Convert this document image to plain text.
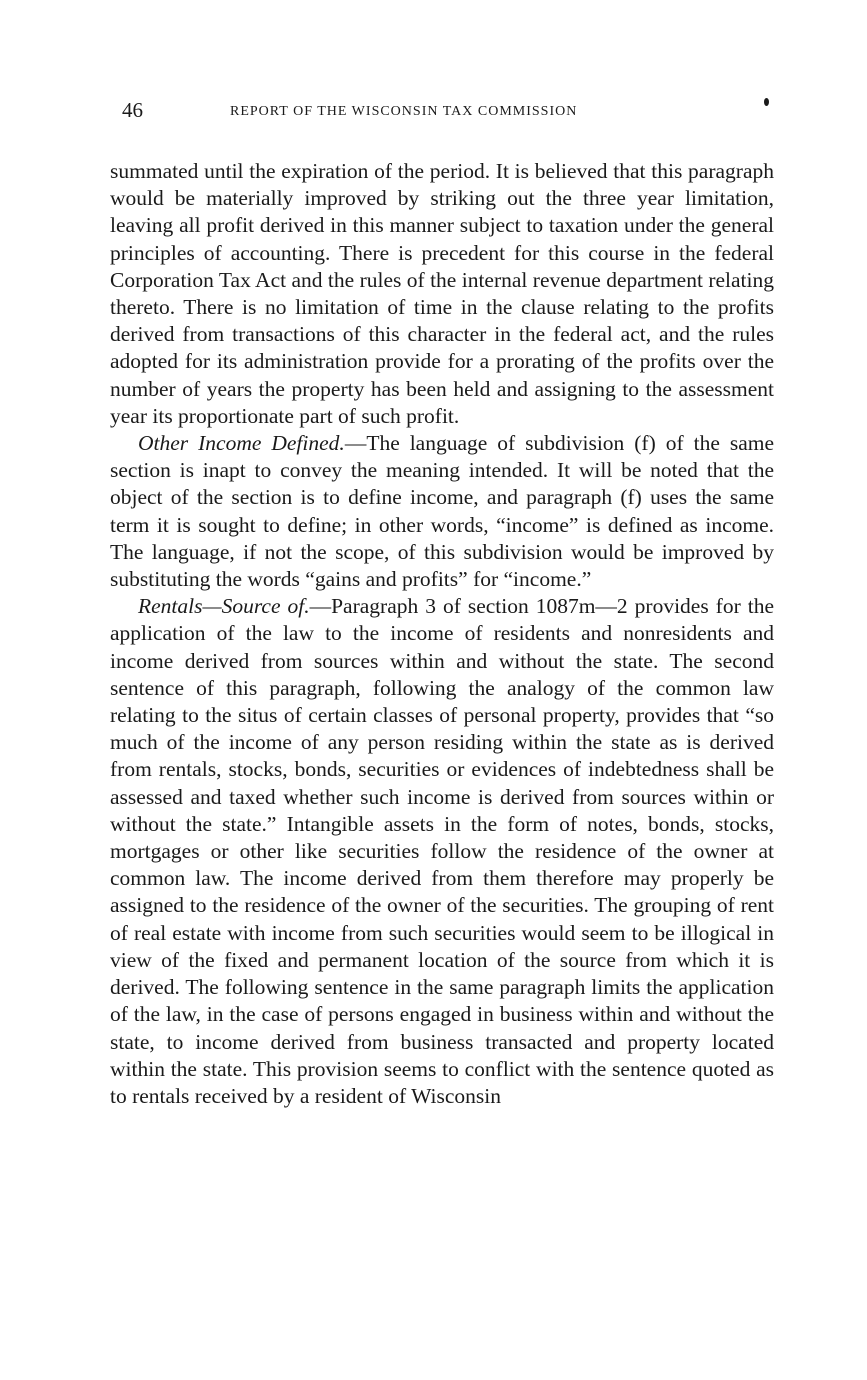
46	REPORT OF THE WISCONSIN TAX COMMISSION

summated until the expiration of the period. It is believed that this paragraph would be materially improved by striking out the three year limitation, leaving all profit derived in this manner subject to taxation under the general principles of accounting. There is precedent for this course in the federal Corporation Tax Act and the rules of the internal revenue department relating thereto. There is no limitation of time in the clause relating to the profits derived from transactions of this character in the federal act, and the rules adopted for its administration provide for a prorating of the profits over the number of years the property has been held and assigning to the assessment year its proportionate part of such profit.

Other Income Defined.—The language of subdivision (f) of the same section is inapt to convey the meaning intended. It will be noted that the object of the section is to define income, and paragraph (f) uses the same term it is sought to define; in other words, “income” is defined as income. The language, if not the scope, of this subdivision would be improved by substituting the words “gains and profits” for “income.”

Rentals—Source of.—Paragraph 3 of section 1087m—2 provides for the application of the law to the income of residents and nonresidents and income derived from sources within and without the state. The second sentence of this paragraph, following the analogy of the common law relating to the situs of certain classes of personal property, provides that “so much of the income of any person residing within the state as is derived from rentals, stocks, bonds, securities or evidences of indebtedness shall be assessed and taxed whether such income is derived from sources within or without the state.” Intangible assets in the form of notes, bonds, stocks, mortgages or other like securities follow the residence of the owner at common law. The income derived from them therefore may properly be assigned to the residence of the owner of the securities. The grouping of rent of real estate with income from such securities would seem to be illogical in view of the fixed and permanent location of the source from which it is derived. The following sentence in the same paragraph limits the application of the law, in the case of persons engaged in business within and without the state, to income derived from business transacted and property located within the state. This provision seems to conflict with the sentence quoted as to rentals received by a resident of Wisconsin
